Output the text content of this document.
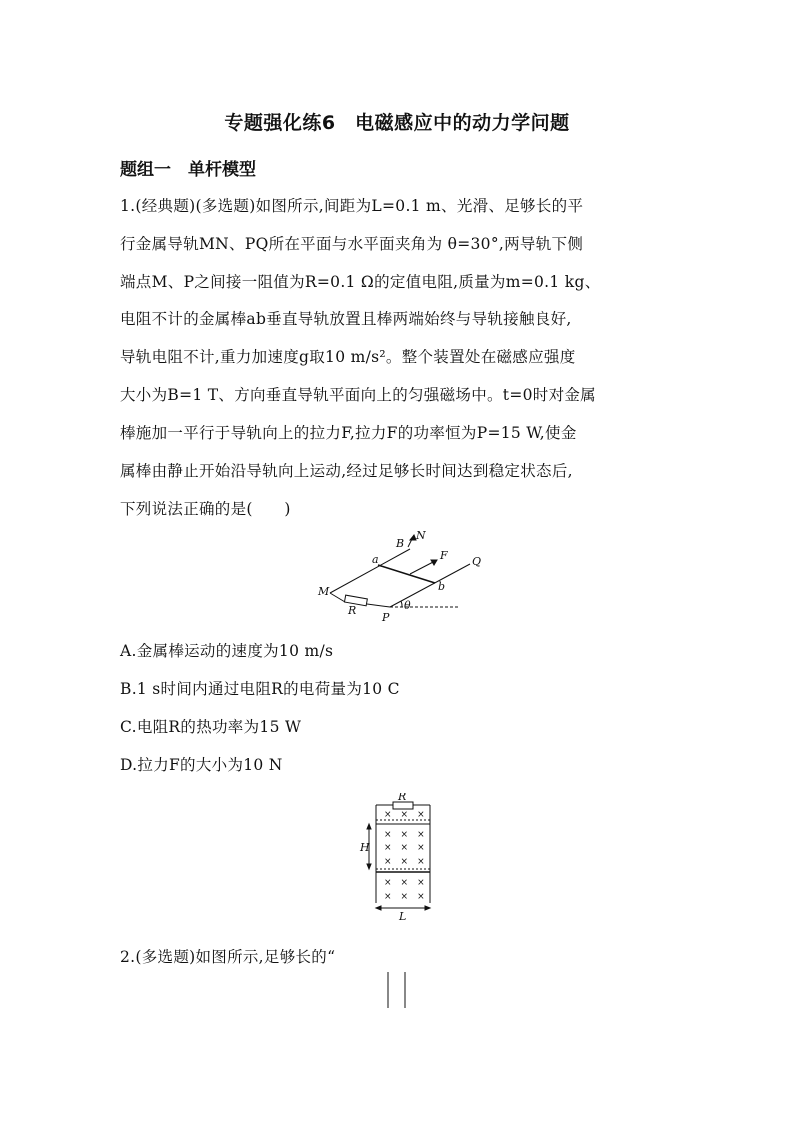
专题强化练6　电磁感应中的动力学问题
题组一　单杆模型
1.(经典题)(多选题)如图所示,间距为L=0.1 m、光滑、足够长的平
行金属导轨MN、PQ所在平面与水平面夹角为 θ=30°,两导轨下侧
端点M、P之间接一阻值为R=0.1 Ω的定值电阻,质量为m=0.1 kg、
电阻不计的金属棒ab垂直导轨放置且棒两端始终与导轨接触良好,
导轨电阻不计,重力加速度g取10 m/s²。整个装置处在磁感应强度
大小为B=1 T、方向垂直导轨平面向上的匀强磁场中。t=0时对金属
棒施加一平行于导轨向上的拉力F,拉力F的功率恒为P=15 W,使金
属棒由静止开始沿导轨向上运动,经过足够长时间达到稳定状态后,
下列说法正确的是(　　)
B
N
F
a	Q
M	b
R	θ
P
A.金属棒运动的速度为10 m/s
B.1 s时间内通过电阻R的电荷量为10 C
C.电阻R的热功率为15 W
D.拉力F的大小为10 N
×　×　×
×　×　×
×　×　×
×　×　×
×　×　×
×　×　×
R
H
L
2.(多选题)如图所示,足够长的“
